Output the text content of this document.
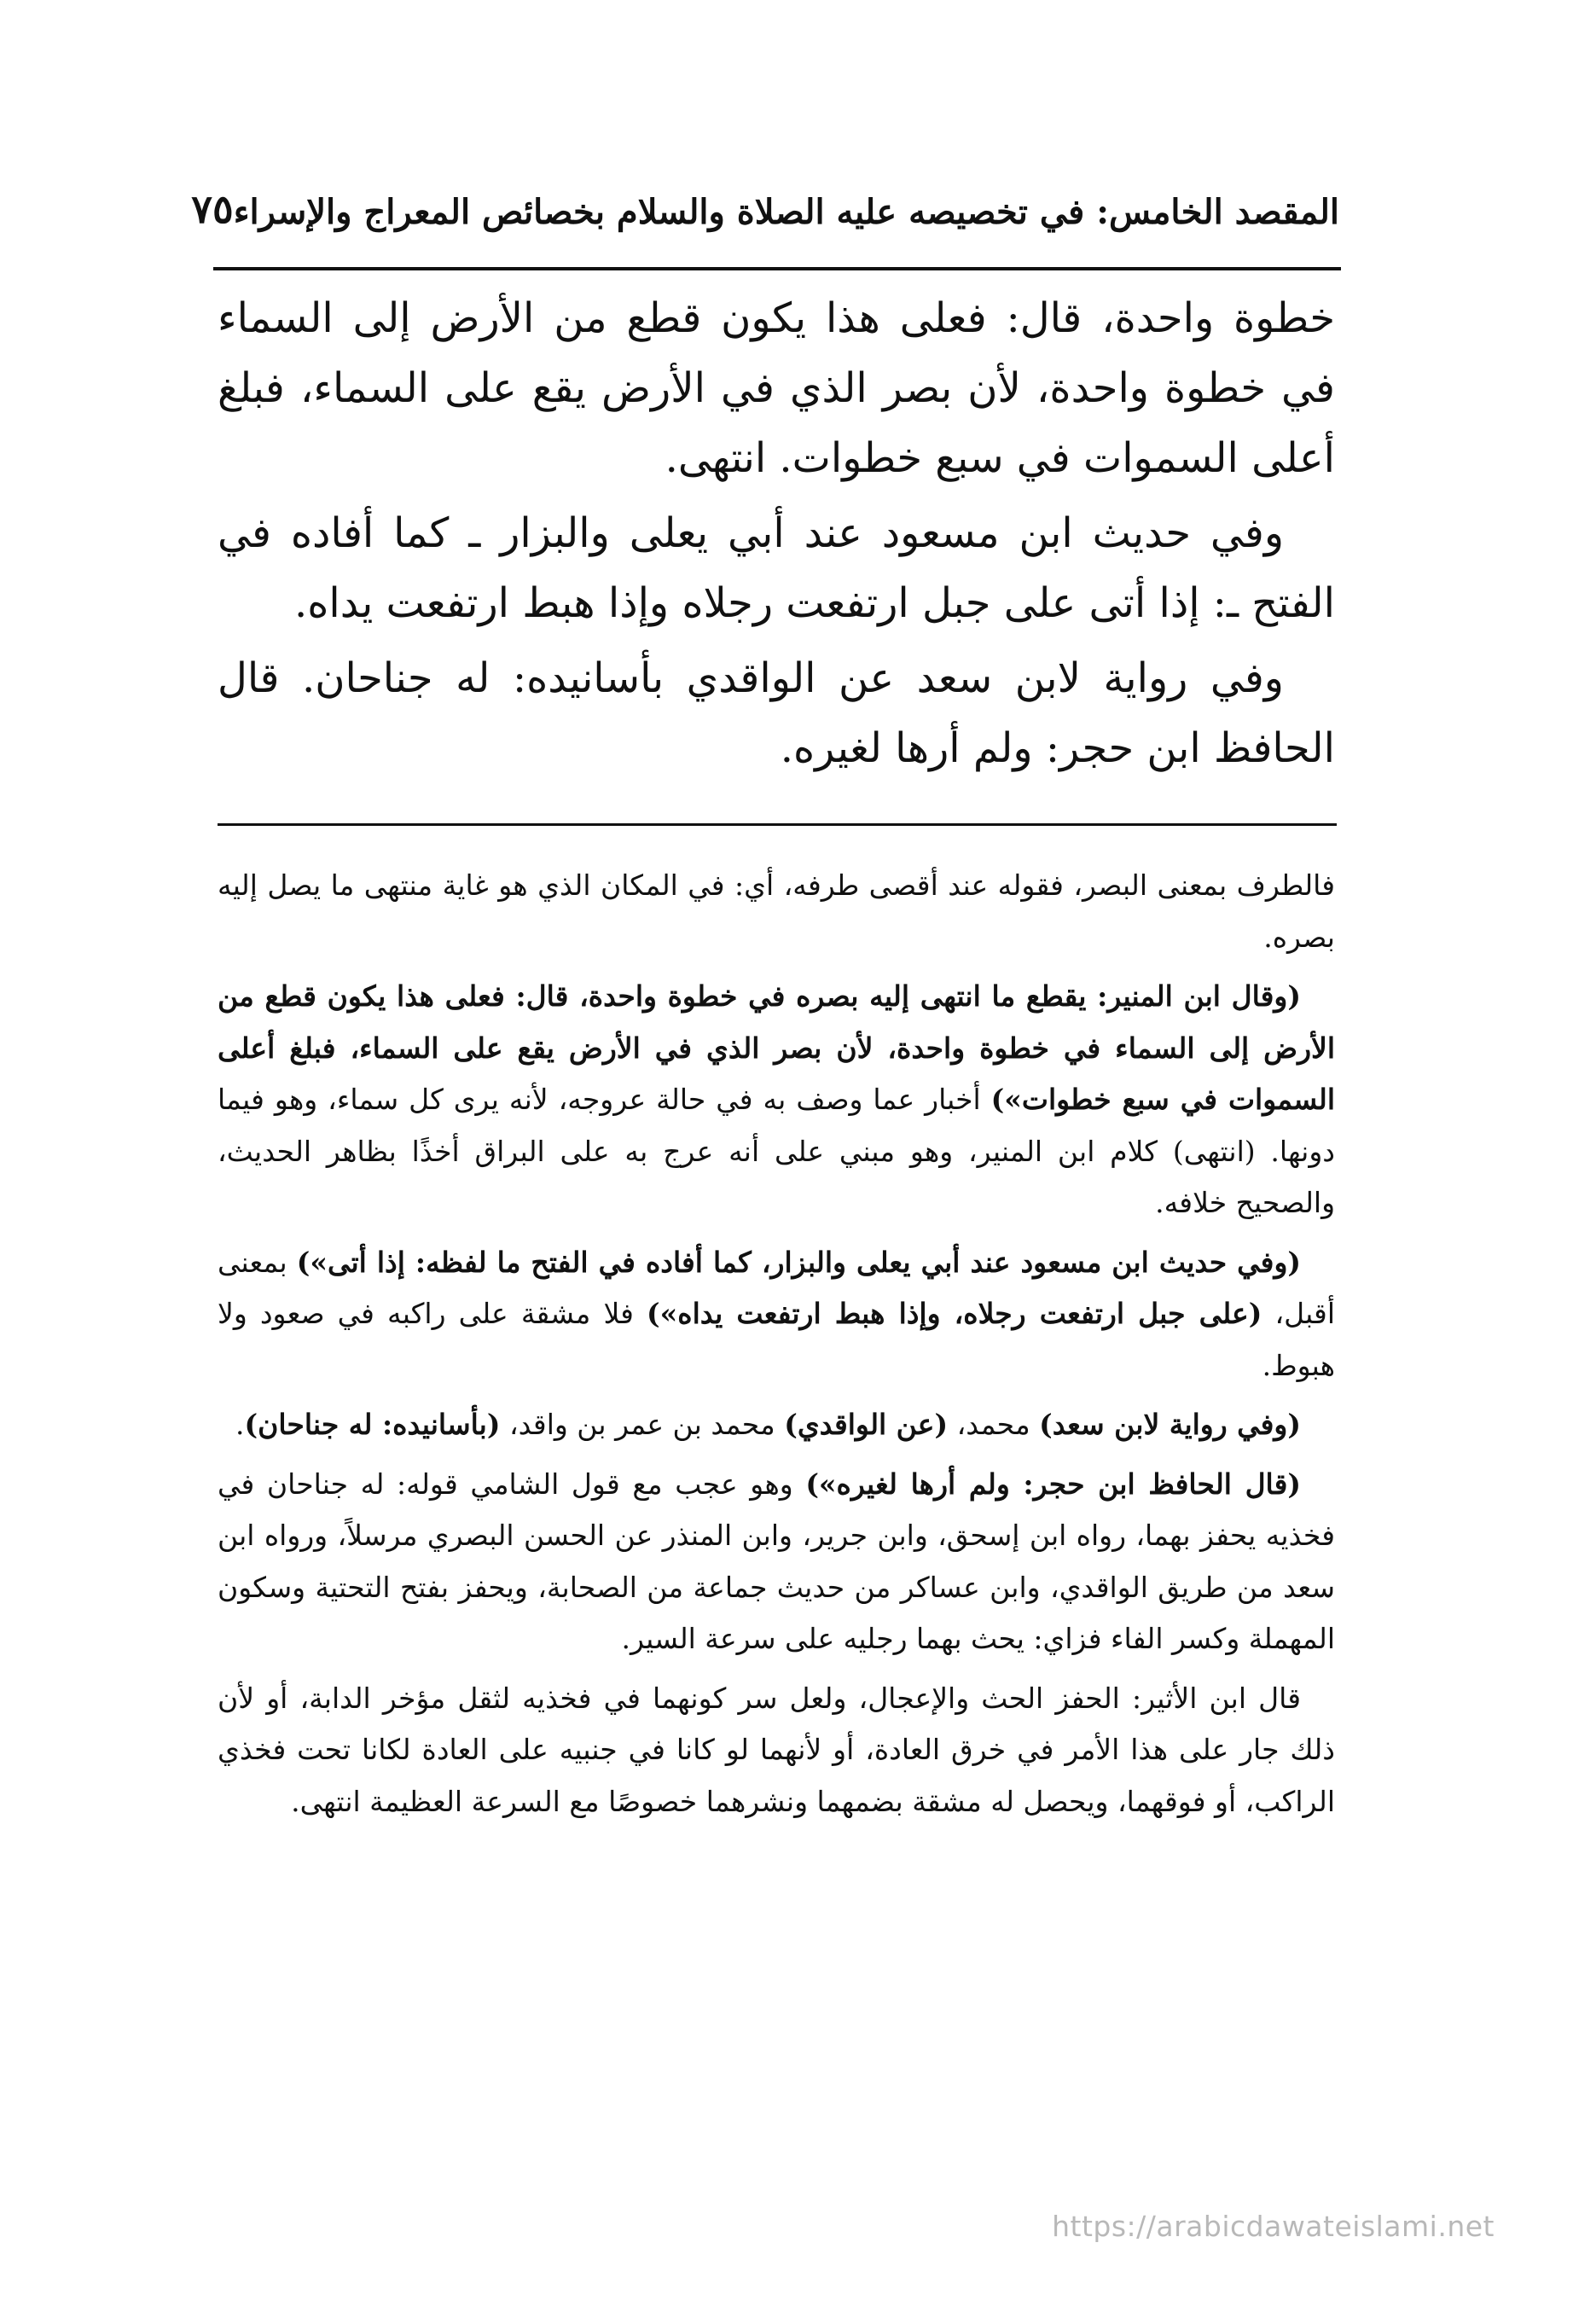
المقصد الخامس: في تخصيصه عليه الصلاة والسلام بخصائص المعراج والإسراء
٧٥

خطوة واحدة، قال: فعلى هذا يكون قطع من الأرض إلى السماء في خطوة واحدة، لأن بصر الذي في الأرض يقع على السماء، فبلغ أعلى السموات في سبع خطوات. انتهى.

وفي حديث ابن مسعود عند أبي يعلى والبزار ـ كما أفاده في الفتح ـ: إذا أتى على جبل ارتفعت رجلاه وإذا هبط ارتفعت يداه.

وفي رواية لابن سعد عن الواقدي بأسانيده: له جناحان. قال الحافظ ابن حجر: ولم أرها لغيره.

فالطرف بمعنى البصر، فقوله عند أقصى طرفه، أي: في المكان الذي هو غاية منتهى ما يصل إليه بصره.

(وقال ابن المنير: يقطع ما انتهى إليه بصره في خطوة واحدة، قال: فعلى هذا يكون قطع من الأرض إلى السماء في خطوة واحدة، لأن بصر الذي في الأرض يقع على السماء، فبلغ أعلى السموات في سبع خطوات») أخبار عما وصف به في حالة عروجه، لأنه يرى كل سماء، وهو فيما دونها. (انتهى) كلام ابن المنير، وهو مبني على أنه عرج به على البراق أخذًا بظاهر الحديث، والصحيح خلافه.

(وفي حديث ابن مسعود عند أبي يعلى والبزار، كما أفاده في الفتح ما لفظه: إذا أتى») بمعنى أقبل، (على جبل ارتفعت رجلاه، وإذا هبط ارتفعت يداه») فلا مشقة على راكبه في صعود ولا هبوط.

(وفي رواية لابن سعد) محمد، (عن الواقدي) محمد بن عمر بن واقد، (بأسانيده: له جناحان).

(قال الحافظ ابن حجر: ولم أرها لغيره») وهو عجب مع قول الشامي قوله: له جناحان في فخذيه يحفز بهما، رواه ابن إسحق، وابن جرير، وابن المنذر عن الحسن البصري مرسلاً، ورواه ابن سعد من طريق الواقدي، وابن عساكر من حديث جماعة من الصحابة، ويحفز بفتح التحتية وسكون المهملة وكسر الفاء فزاي: يحث بهما رجليه على سرعة السير.

قال ابن الأثير: الحفز الحث والإعجال، ولعل سر كونهما في فخذيه لثقل مؤخر الدابة، أو لأن ذلك جار على هذا الأمر في خرق العادة، أو لأنهما لو كانا في جنبيه على العادة لكانا تحت فخذي الراكب، أو فوقهما، ويحصل له مشقة بضمهما ونشرهما خصوصًا مع السرعة العظيمة انتهى.

https://arabicdawateislami.net
